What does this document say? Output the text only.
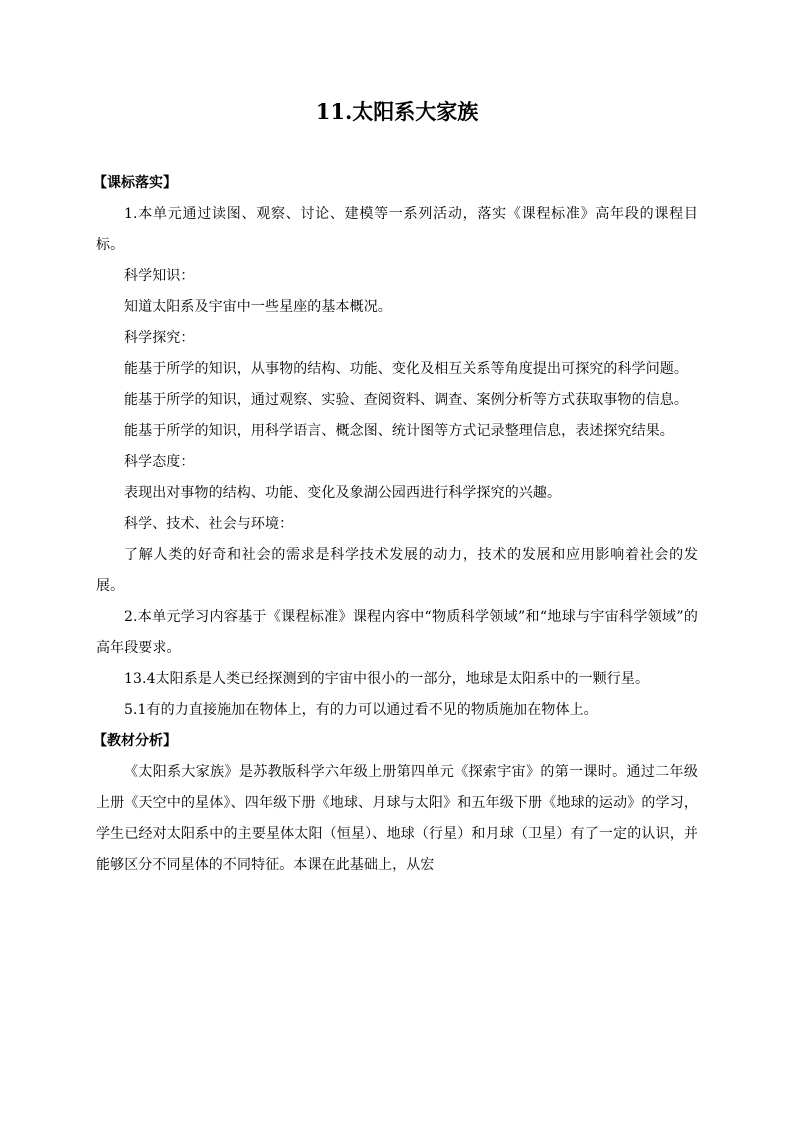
11.太阳系大家族

【课标落实】

1.本单元通过读图、观察、讨论、建模等一系列活动，落实《课程标准》高年段的课程目标。

科学知识：

知道太阳系及宇宙中一些星座的基本概况。

科学探究：

能基于所学的知识，从事物的结构、功能、变化及相互关系等角度提出可探究的科学问题。

能基于所学的知识，通过观察、实验、查阅资料、调查、案例分析等方式获取事物的信息。

能基于所学的知识，用科学语言、概念图、统计图等方式记录整理信息，表述探究结果。

科学态度：

表现出对事物的结构、功能、变化及象湖公园西进行科学探究的兴趣。

科学、技术、社会与环境：

了解人类的好奇和社会的需求是科学技术发展的动力，技术的发展和应用影响着社会的发展。

2.本单元学习内容基于《课程标准》课程内容中“物质科学领域”和“地球与宇宙科学领域”的高年段要求。

13.4太阳系是人类已经探测到的宇宙中很小的一部分，地球是太阳系中的一颗行星。

5.1有的力直接施加在物体上，有的力可以通过看不见的物质施加在物体上。

【教材分析】

《太阳系大家族》是苏教版科学六年级上册第四单元《探索宇宙》的第一课时。通过二年级上册《天空中的星体》、四年级下册《地球、月球与太阳》和五年级下册《地球的运动》的学习，学生已经对太阳系中的主要星体太阳（恒星）、地球（行星）和月球（卫星）有了一定的认识，并能够区分不同星体的不同特征。本课在此基础上，从宏
